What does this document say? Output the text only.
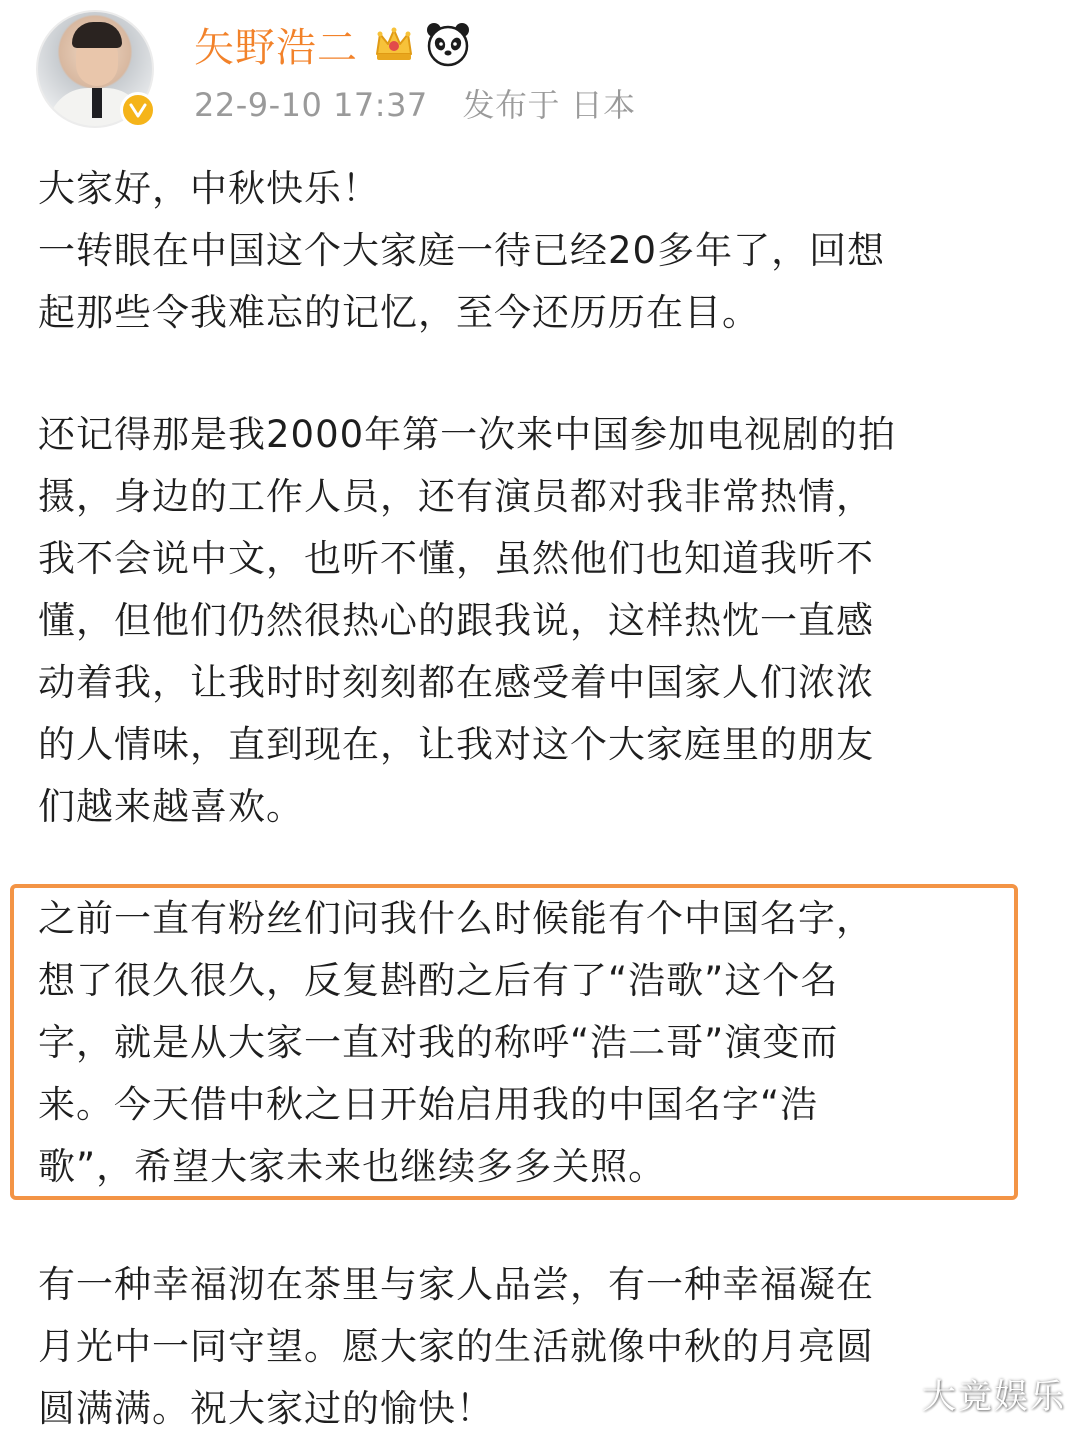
矢野浩二
22-9-10 17:37 发布于 日本
大家好，中秋快乐！
一转眼在中国这个大家庭一待已经20多年了，回想
起那些令我难忘的记忆，至今还历历在目。
还记得那是我2000年第一次来中国参加电视剧的拍
摄，身边的工作人员，还有演员都对我非常热情，
我不会说中文，也听不懂，虽然他们也知道我听不
懂，但他们仍然很热心的跟我说，这样热忱一直感
动着我，让我时时刻刻都在感受着中国家人们浓浓
的人情味，直到现在，让我对这个大家庭里的朋友
们越来越喜欢。
之前一直有粉丝们问我什么时候能有个中国名字，
想了很久很久，反复斟酌之后有了“浩歌”这个名
字，就是从大家一直对我的称呼“浩二哥”演变而
来。今天借中秋之日开始启用我的中国名字“浩
歌”，希望大家未来也继续多多关照。
有一种幸福沏在茶里与家人品尝，有一种幸福凝在
月光中一同守望。愿大家的生活就像中秋的月亮圆
圆满满。祝大家过的愉快！	大竞娱乐
